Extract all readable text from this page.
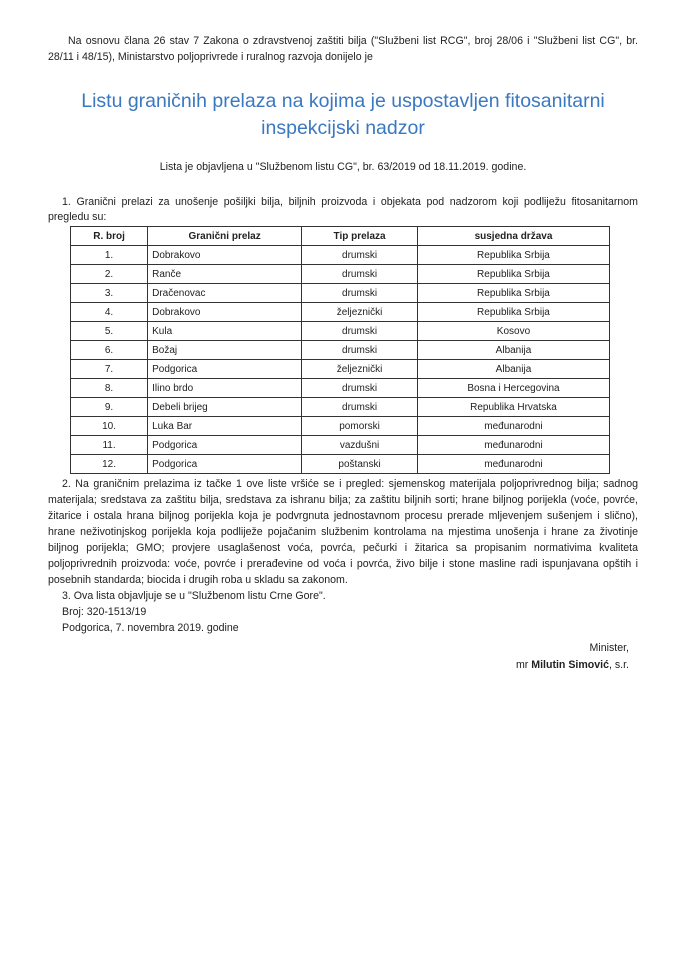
Na osnovu člana 26 stav 7 Zakona o zdravstvenoj zaštiti bilja ("Službeni list RCG", broj 28/06 i "Službeni list CG", br. 28/11 i 48/15), Ministarstvo poljoprivrede i ruralnog razvoja donijelo je
Listu graničnih prelaza na kojima je uspostavljen fitosanitarni inspekcijski nadzor
Lista je objavljena u "Službenom listu CG", br. 63/2019 od 18.11.2019. godine.
1. Granični prelazi za unošenje pošiljki bilja, biljnih proizvoda i objekata pod nadzorom koji podliježu fitosanitarnom pregledu su:
R. broj	Granični prelaz	Tip prelaza	susjedna država
1.	Dobrakovo	drumski	Republika Srbija
2.	Ranče	drumski	Republika Srbija
3.	Dračenovac	drumski	Republika Srbija
4.	Dobrakovo	željeznički	Republika Srbija
5.	Kula	drumski	Kosovo
6.	Božaj	drumski	Albanija
7.	Podgorica	željeznički	Albanija
8.	Ilino brdo	drumski	Bosna i Hercegovina
9.	Debeli brijeg	drumski	Republika Hrvatska
10.	Luka Bar	pomorski	međunarodni
11.	Podgorica	vazdušni	međunarodni
12.	Podgorica	poštanski	međunarodni
2. Na graničnim prelazima iz tačke 1 ove liste vršiće se i pregled: sjemenskog materijala poljoprivrednog bilja; sadnog materijala; sredstava za zaštitu bilja, sredstava za ishranu bilja; za zaštitu biljnih sorti; hrane biljnog porijekla (voće, povrće, žitarice i ostala hrana biljnog porijekla koja je podvrgnuta jednostavnom procesu prerade mljevenjem sušenjem i slično), hrane neživotinjskog porijekla koja podliježe pojačanim službenim kontrolama na mjestima unošenja i hrane za životinje biljnog porijekla; GMO; provjere usaglašenost voća, povrća, pečurki i žitarica sa propisanim normativima kvaliteta poljoprivrednih proizvoda: voće, povrće i prerađevine od voća i povrća, živo bilje i stone masline radi ispunjavana opštih i posebnih standarda; biocida i drugih roba u skladu sa zakonom.
3. Ova lista objavljuje se u "Službenom listu Crne Gore".
Broj: 320-1513/19
Podgorica, 7. novembra 2019. godine
Minister,
mr Milutin Simović, s.r.
